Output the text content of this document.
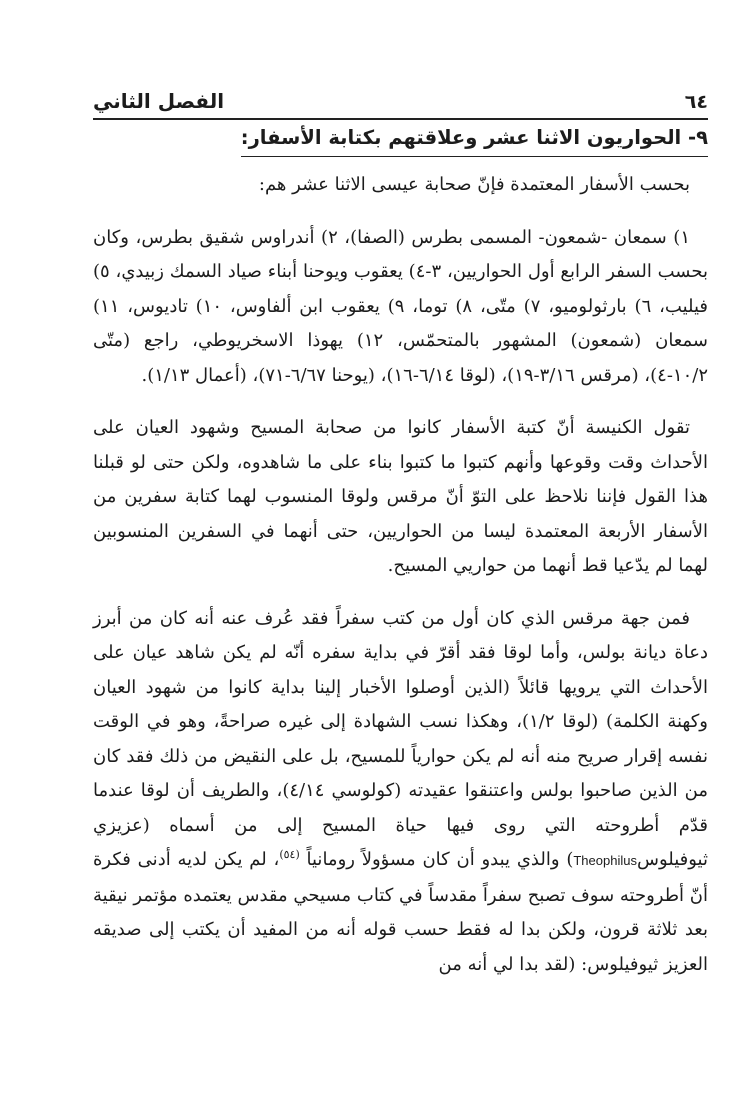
٦٤
الفصل الثاني
٩- الحواريون الاثنا عشر وعلاقتهم بكتابة الأسفار:

بحسب الأسفار المعتمدة فإنّ صحابة عيسى الاثنا عشر هم:

١) سمعان -شمعون- المسمى بطرس (الصفا)، ٢) أندراوس شقيق بطرس، وكان بحسب السفر الرابع أول الحواريين، ٣-٤) يعقوب ويوحنا أبناء صياد السمك زبيدي، ٥) فيليب، ٦) بارثولوميو، ٧) متّى، ٨) توما، ٩) يعقوب ابن ألفاوس، ١٠) تاديوس، ١١) سمعان (شمعون) المشهور بالمتحمّس، ١٢) يهوذا الاسخريوطي، راجع (متّى ١٠/٢-٤)، (مرقس ٣/١٦-١٩)، (لوقا ٦/١٤-١٦)، (يوحنا ٦/٦٧-٧١)، (أعمال ١/١٣).

تقول الكنيسة أنّ كتبة الأسفار كانوا من صحابة المسيح وشهود العيان على الأحداث وقت وقوعها وأنهم كتبوا ما كتبوا بناء على ما شاهدوه، ولكن حتى لو قبلنا هذا القول فإننا نلاحظ على التوّ أنّ مرقس ولوقا المنسوب لهما كتابة سفرين من الأسفار الأربعة المعتمدة ليسا من الحواريين، حتى أنهما في السفرين المنسوبين لهما لم يدّعيا قط أنهما من حواريي المسيح.

فمن جهة مرقس الذي كان أول من كتب سفراً فقد عُرف عنه أنه كان من أبرز دعاة ديانة بولس، وأما لوقا فقد أقرّ في بداية سفره أنّه لم يكن شاهد عيان على الأحداث التي يرويها قائلاً (الذين أوصلوا الأخبار إلينا بداية كانوا من شهود العيان وكهنة الكلمة) (لوقا ١/٢)، وهكذا نسب الشهادة إلى غيره صراحةً، وهو في الوقت نفسه إقرار صريح منه أنه لم يكن حوارياً للمسيح، بل على النقيض من ذلك فقد كان من الذين صاحبوا بولس واعتنقوا عقيدته (كولوسي ٤/١٤)، والطريف أن لوقا عندما قدّم أطروحته التي روى فيها حياة المسيح إلى من أسماه (عزيزي ثيوفيلوسTheophilus) والذي يبدو أن كان مسؤولاً رومانياً $^{(٥٤)}$، لم يكن لديه أدنى فكرة أنّ أطروحته سوف تصبح سفراً مقدساً في كتاب مسيحي مقدس يعتمده مؤتمر نيقية بعد ثلاثة قرون، ولكن بدا له فقط حسب قوله أنه من المفيد أن يكتب إلى صديقه العزيز ثيوفيلوس: (لقد بدا لي أنه من
